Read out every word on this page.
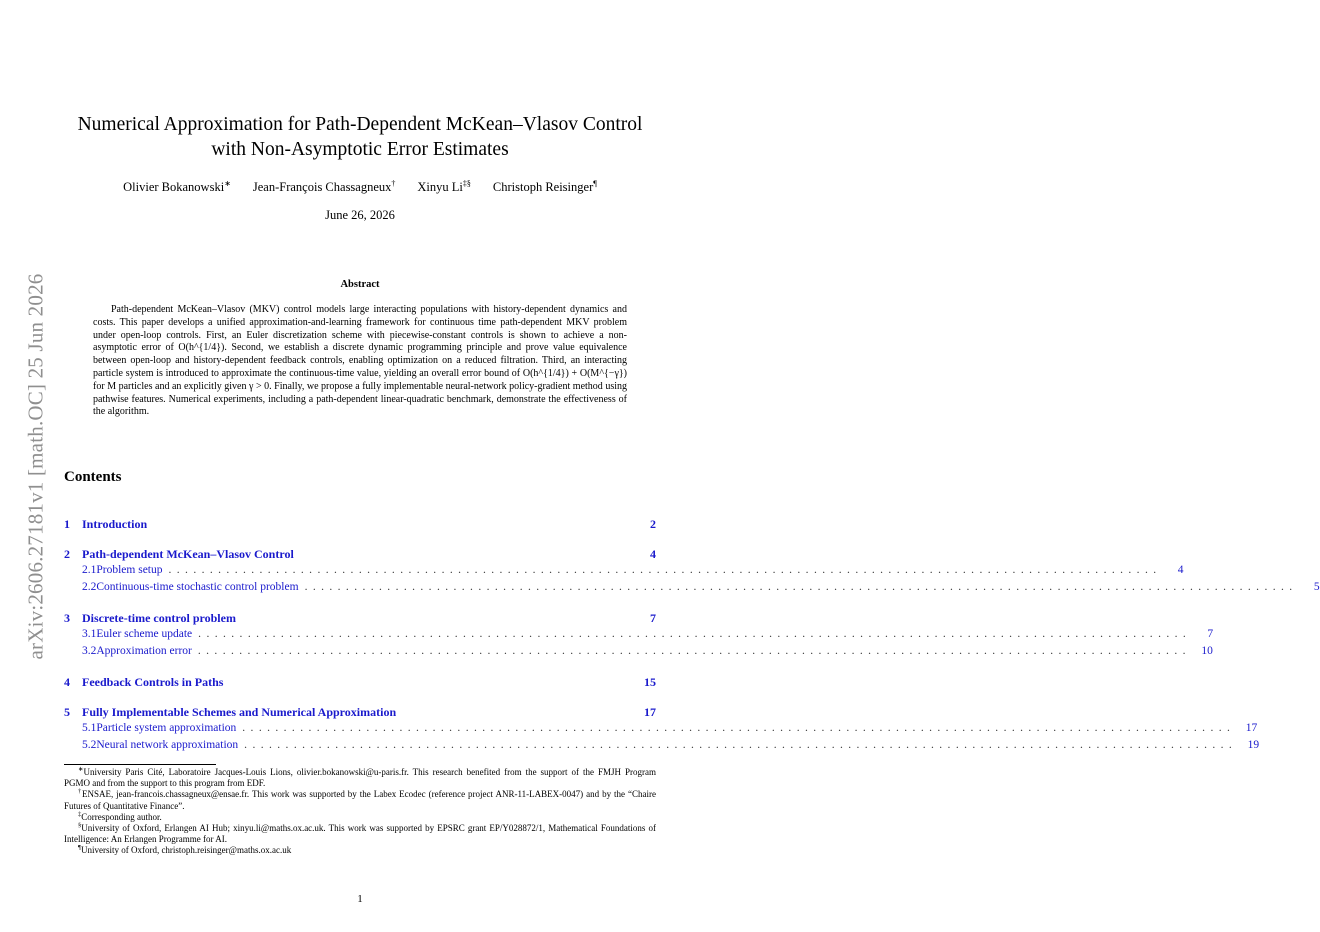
arXiv:2606.27181v1 [math.OC] 25 Jun 2026
Numerical Approximation for Path-Dependent McKean–Vlasov Control
with Non-Asymptotic Error Estimates
Olivier Bokanowski∗ Jean-François Chassagneux† Xinyu Li‡§ Christoph Reisinger¶
June 26, 2026
Abstract

Path-dependent McKean–Vlasov (MKV) control models large interacting populations with history-dependent dynamics and costs. This paper develops a unified approximation-and-learning framework for continuous time path-dependent MKV problem under open-loop controls. First, an Euler discretization scheme with piecewise-constant controls is shown to achieve a non-asymptotic error of O(h^{1/4}). Second, we establish a discrete dynamic programming principle and prove value equivalence between open-loop and history-dependent feedback controls, enabling optimization on a reduced filtration. Third, an interacting particle system is introduced to approximate the continuous-time value, yielding an overall error bound of O(h^{1/4}) + O(M^{−γ}) for M particles and an explicitly given γ > 0. Finally, we propose a fully implementable neural-network policy-gradient method using pathwise features. Numerical experiments, including a path-dependent linear-quadratic benchmark, demonstrate the effectiveness of the algorithm.

Contents
1	Introduction	2
2	Path-dependent McKean–Vlasov Control	4
2.1 Problem setup ........................................................................................................................	4
2.2 Continuous-time stochastic control problem ........................................................................................................................	5
3	Discrete-time control problem	7
3.1 Euler scheme update ........................................................................................................................	7
3.2 Approximation error ........................................................................................................................ 10
4	Feedback Controls in Paths	15
5	Fully Implementable Schemes and Numerical Approximation	17
5.1 Particle system approximation ........................................................................................................................ 17
5.2 Neural network approximation ........................................................................................................................ 19

∗University Paris Cité, Laboratoire Jacques-Louis Lions, olivier.bokanowski@u-paris.fr. This research benefited from the support of the FMJH Program PGMO and from the support to this program from EDF.

†ENSAE, jean-francois.chassagneux@ensae.fr. This work was supported by the Labex Ecodec (reference project ANR-11-LABEX-0047) and by the “Chaire Futures of Quantitative Finance”.

‡Corresponding author.

§University of Oxford, Erlangen AI Hub; xinyu.li@maths.ox.ac.uk. This work was supported by EPSRC grant EP/Y028872/1, Mathematical Foundations of Intelligence: An Erlangen Programme for AI.

¶University of Oxford, christoph.reisinger@maths.ox.ac.uk

1
